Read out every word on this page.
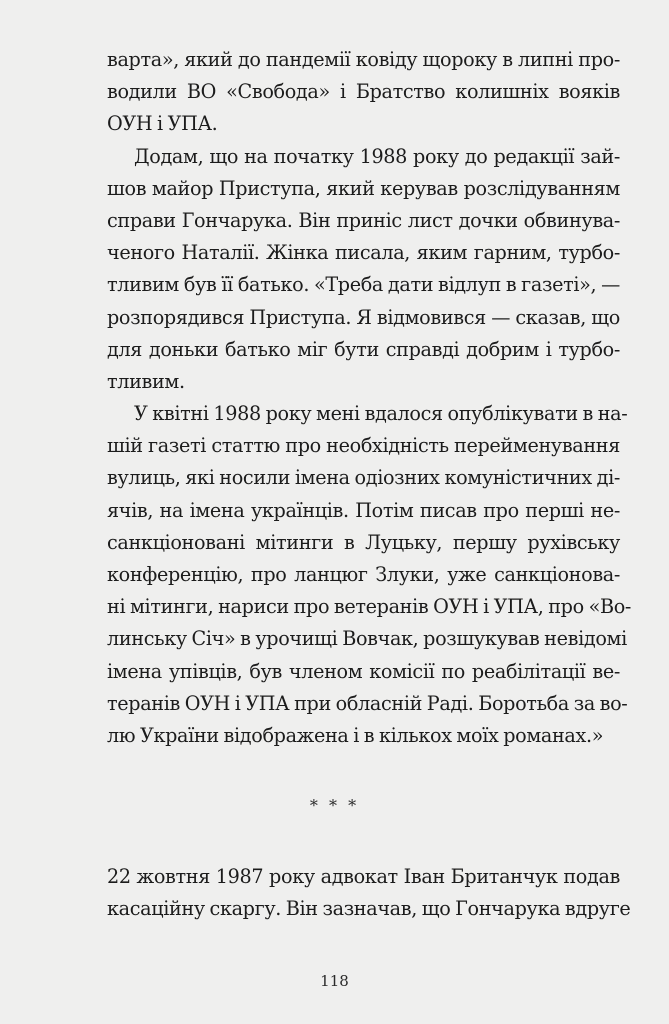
варта», який до пандемії ковіду щороку в липні про-
водили ВО «Свобода» і Братство колишніх вояків
ОУН і УПА.
Додам, що на початку 1988 року до редакції зай-
шов майор Приступа, який керував розслідуванням
справи Гончарука. Він приніс лист дочки обвинува-
ченого Наталії. Жінка писала, яким гарним, турбо-
тливим був її батько. «Треба дати відлуп в газеті», —
розпорядився Приступа. Я відмовився — сказав, що
для доньки батько міг бути справді добрим і турбо-
тливим.
У квітні 1988 року мені вдалося опублікувати в на-
шій газеті статтю про необхідність перейменування
вулиць, які носили імена одіозних комуністичних ді-
ячів, на імена українців. Потім писав про перші не-
санкціоновані мітинги в Луцьку, першу рухівську
конференцію, про ланцюг Злуки, уже санкціонова-
ні мітинги, нариси про ветеранів ОУН і УПА, про «Во-
линську Січ» в урочищі Вовчак, розшукував невідомі
імена упівців, був членом комісії по реабілітації ве-
теранів ОУН і УПА при обласній Раді. Боротьба за во-
лю України відображена і в кількох моїх романах.»
* * *
22 жовтня 1987 року адвокат Іван Британчук подав
касаційну скаргу. Він зазначав, що Гончарука вдруге
118
